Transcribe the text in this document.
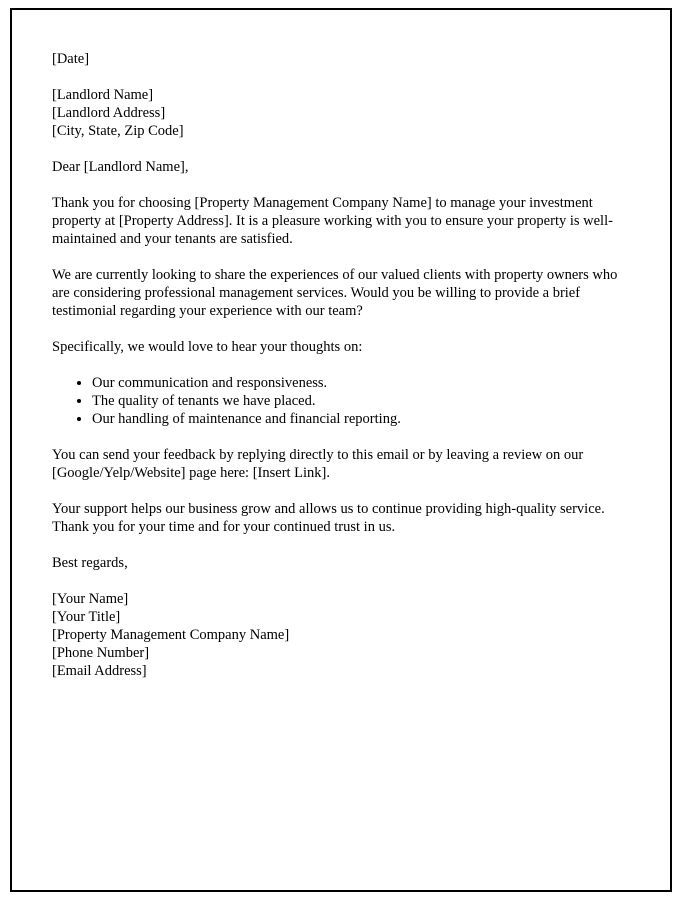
[Date]

[Landlord Name]

[Landlord Address]

[City, State, Zip Code]

Dear [Landlord Name],

Thank you for choosing [Property Management Company Name] to manage your investment property at [Property Address]. It is a pleasure working with you to ensure your property is well-maintained and your tenants are satisfied.

We are currently looking to share the experiences of our valued clients with property owners who are considering professional management services. Would you be willing to provide a brief testimonial regarding your experience with our team?

Specifically, we would love to hear your thoughts on:

• Our communication and responsiveness.
• The quality of tenants we have placed.
• Our handling of maintenance and financial reporting.

You can send your feedback by replying directly to this email or by leaving a review on our [Google/Yelp/Website] page here: [Insert Link].

Your support helps our business grow and allows us to continue providing high-quality service. Thank you for your time and for your continued trust in us.

Best regards,

[Your Name]

[Your Title]

[Property Management Company Name]

[Phone Number]

[Email Address]
